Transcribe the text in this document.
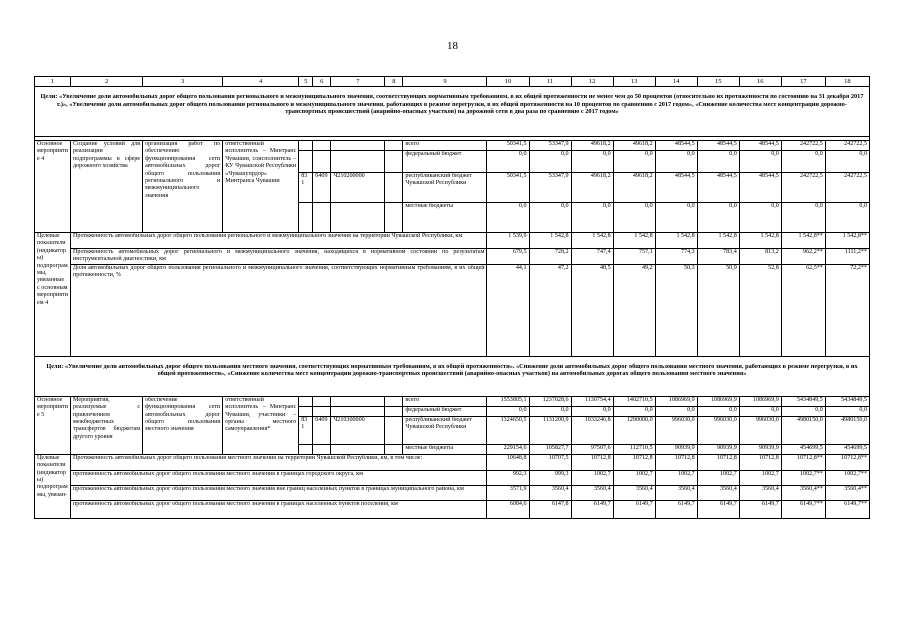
18
1	2	3	4	5	6	7	8	9	10	11	12	13	14	15	16	17	18
Цели: «Увеличение доли автомобильных дорог общего пользования регионального и межмуниципального значения, соответствующих нормативным требованиям, в их общей протяженности не менее чем до 50 процентов (относительно их протяженности по состоянию на 31 декабря 2017 г.)», «Увеличение доли автомобильных дорог общего пользования регионального и межмуниципального значения, работающих в режиме перегрузки, в их общей протяженности на 10 процентов по сравнению с 2017 годом», «Снижение количества мест концентрации дорожно-транспортных происшествий (аварийно-опасных участков) на дорожной сети в два раза по сравнению с 2017 годом»																	

Основное мероприятие 4	Создание условий для реализации подпрограммы в сфере дорожного хозяйства	организация работ по обеспечению функционирования сети автомобильных дорог общего пользования регионального и межмуниципального значения	ответственный исполнитель – Минтранс Чувашии, соисполнитель – КУ Чувашской Республики «Чувашупрдор» Минтранса Чувашии					всего	50341,5	53347,9	49618,2	49618,2	48544,5	48544,5	48544,5	242722,5	242722,5
								федеральный бюджет	0,0	0,0	0,0	0,0	0,0	0,0	0,0	0,0	0,0
				831	0409	Ч210200000		республиканский бюджет Чувашской Республики	50341,5	53347,9	49618,2	49618,2	48544,5	48544,5	48544,5	242722,5	242722,5
								местные бюджеты	0,0	0,0	0,0	0,0	0,0	0,0	0,0	0,0	0,0
Целевые показатели (индикаторы) подпрограммы, увязанные с основным мероприятием 4	Протяженность автомобильных дорог общего пользования регионального и межмуниципального значения на территории Чувашской Республики, км								1 539,9	1 542,8	1 542,8	1 542,8	1 542,8	1 542,8	1 542,8	1 542,8**	1 542,8**
	Протяженность автомобильных дорог регионального и межмуниципального значения, находящихся в нормативном состоянии по результатам инструментальной диагностики, км								679,5	728,2	747,4	757,1	774,3	783,4	813,2	962,2**	1111,2**
	Доля автомобильных дорог общего пользования регионального и межмуниципального значения, соответствующих нормативным требованиям, в их общей протяженности, %								44,1	47,2	48,5	49,2	50,3	50,9	52,8	62,5**	72,2**
Цели: «Увеличение доли автомобильных дорог общего пользования местного значения, соответствующих нормативным требованиям, в их общей протяженности». «Снижение доли автомобильных дорог общего пользования местного значения, работающих в режиме перегрузки, в их общей протяженности», «Снижение количества мест концентрации дорожно-транспортных происшествий (аварийно-опасных участков) на автомобильных дорогах общего пользования местного значения»																	
Основное мероприятие 5	Мероприятия, реализуемые с привлечением межбюджетных трансфертов бюджетам другого уровня	обеспечение функционирования сети автомобильных дорог общего пользования местного значения	ответственный исполнитель – Минтранс Чувашии, участники – органы местного самоуправления*					всего	1553805,1	1237028,6	1130754,4	1402710,5	1086969,9	1086969,9	1086969,9	5434849,5	5434849,5
								федеральный бюджет	0,0	0,0	0,0	0,0	0,0	0,0	0,0	0,0	0,0
				831	0409	Ч210300000		республиканский бюджет Чувашской Республики	1324650,5	1131200,9	1033246,8	1290000,0	996030,0	996030,0	996030,0	4980150,0	4980150,0
								местные бюджеты	229154,6	105827,7	97507,6	112710,5	90939,9	90939,9	90939,9	454699,5	454699,5
Целевые показатели (индикаторы) подпрограммы, увязан-	Протяженность автомобильных дорог общего пользования местного значения на территории Чувашской Республики, км, в том числе:								10648,8	10707,5	10712,8	10712,8	10712,8	10712,8	10712,8	10712,8**	10712,8**
	протяженность автомобильных дорог общего пользования местного значения в границах городского округа, км								992,3	999,3	1002,7	1002,7	1002,7	1002,7	1002,7	1002,7**	1002,7**
	протяженность автомобильных дорог общего пользования местного значения вне границ населенных пунктов в границах муниципального района, км								3571,9	3560,4	3560,4	3560,4	3560,4	3560,4	3560,4	3560,4**	3560,4**
	протяженность автомобильных дорог общего пользования местного значения в границах населенных пунктов поселения, км								6084,6	6147,8	6149,7	6149,7	6149,7	6149,7	6149,7	6149,7**	6149,7**
